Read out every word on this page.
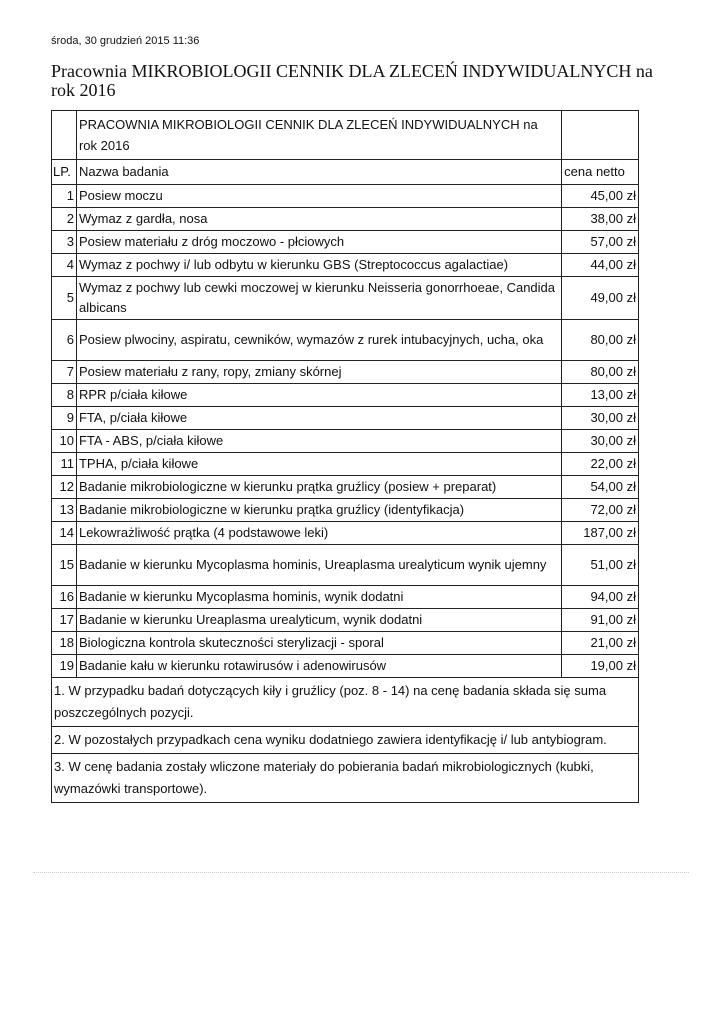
środa, 30 grudzień 2015 11:36
Pracownia MIKROBIOLOGII CENNIK DLA ZLECEŃ INDYWIDUALNYCH na rok 2016

	PRACOWNIA MIKROBIOLOGII CENNIK DLA ZLECEŃ INDYWIDUALNYCH na rok 2016	

LP.	Nazwa badania	cena netto
1	Posiew moczu	45,00 zł
2	Wymaz z gardła, nosa	38,00 zł
3	Posiew materiału z dróg moczowo - płciowych	57,00 zł
4	Wymaz z pochwy i/ lub odbytu w kierunku GBS (Streptococcus agalactiae)	44,00 zł
5	Wymaz z pochwy lub cewki moczowej w kierunku Neisseria gonorrhoeae, Candida albicans	49,00 zł
6	Posiew plwociny, aspiratu, cewników, wymazów z rurek intubacyjnych, ucha, oka	80,00 zł
7	Posiew materiału z rany, ropy, zmiany skórnej	80,00 zł
8	RPR p/ciała kiłowe	13,00 zł
9	FTA, p/ciała kiłowe	30,00 zł
10	FTA - ABS, p/ciała kiłowe	30,00 zł
11	TPHA, p/ciała kiłowe	22,00 zł
12	Badanie mikrobiologiczne w kierunku prątka gruźlicy (posiew + preparat)	54,00 zł
13	Badanie mikrobiologiczne w kierunku prątka gruźlicy (identyfikacja)	72,00 zł
14	Lekowrażliwość prątka (4 podstawowe leki)	187,00 zł
15	Badanie w kierunku Mycoplasma hominis, Ureaplasma urealyticum wynik ujemny	51,00 zł
16	Badanie w kierunku Mycoplasma hominis, wynik dodatni	94,00 zł
17	Badanie w kierunku Ureaplasma urealyticum, wynik dodatni	91,00 zł
18	Biologiczna kontrola skuteczności sterylizacji - sporal	21,00 zł
19	Badanie kału w kierunku rotawirusów i adenowirusów	19,00 zł
1. W przypadku badań dotyczących kiły i gruźlicy (poz. 8 - 14) na cenę badania składa się suma poszczególnych pozycji.		
2. W pozostałych przypadkach cena wyniku dodatniego zawiera identyfikację i/ lub antybiogram.		
3. W cenę badania zostały wliczone materiały do pobierania badań mikrobiologicznych (kubki, wymazówki transportowe).		
